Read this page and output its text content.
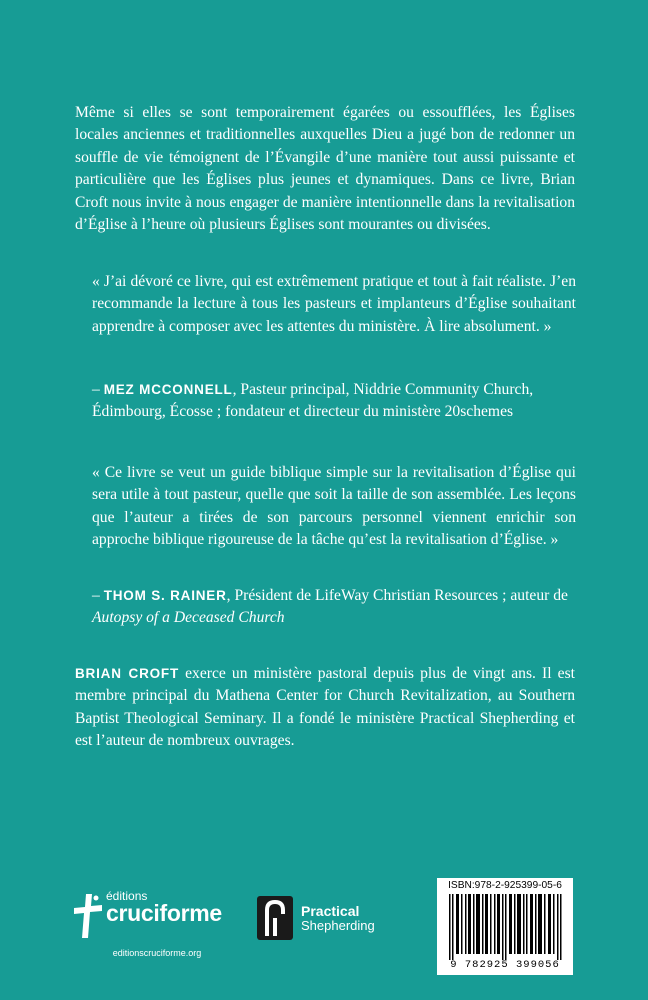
Même si elles se sont temporairement égarées ou essoufflées, les Églises locales anciennes et traditionnelles auxquelles Dieu a jugé bon de redonner un souffle de vie témoignent de l’Évangile d’une manière tout aussi puissante et particulière que les Églises plus jeunes et dynamiques. Dans ce livre, Brian Croft nous invite à nous engager de manière intentionnelle dans la revitalisation d’Église à l’heure où plusieurs Églises sont mourantes ou divisées.
« J’ai dévoré ce livre, qui est extrêmement pratique et tout à fait réaliste. J’en recommande la lecture à tous les pasteurs et implanteurs d’Église souhaitant apprendre à composer avec les attentes du ministère. À lire absolument. »
– MEZ MCCONNELL, Pasteur principal, Niddrie Community Church, Édimbourg, Écosse ; fondateur et directeur du ministère 20schemes
« Ce livre se veut un guide biblique simple sur la revitalisation d’Église qui sera utile à tout pasteur, quelle que soit la taille de son assemblée. Les leçons que l’auteur a tirées de son parcours personnel viennent enrichir son approche biblique rigoureuse de la tâche qu’est la revitalisation d’Église. »
– THOM S. RAINER, Président de LifeWay Christian Resources ; auteur de Autopsy of a Deceased Church
BRIAN CROFT exerce un ministère pastoral depuis plus de vingt ans. Il est membre principal du Mathena Center for Church Revitalization, au Southern Baptist Theological Seminary. Il a fondé le ministère Practical Shepherding et est l’auteur de nombreux ouvrages.
éditions
cruciforme
editionscruciforme.org
Practical
Shepherding
ISBN:978-2-925399-05-6
9 782925 399056
